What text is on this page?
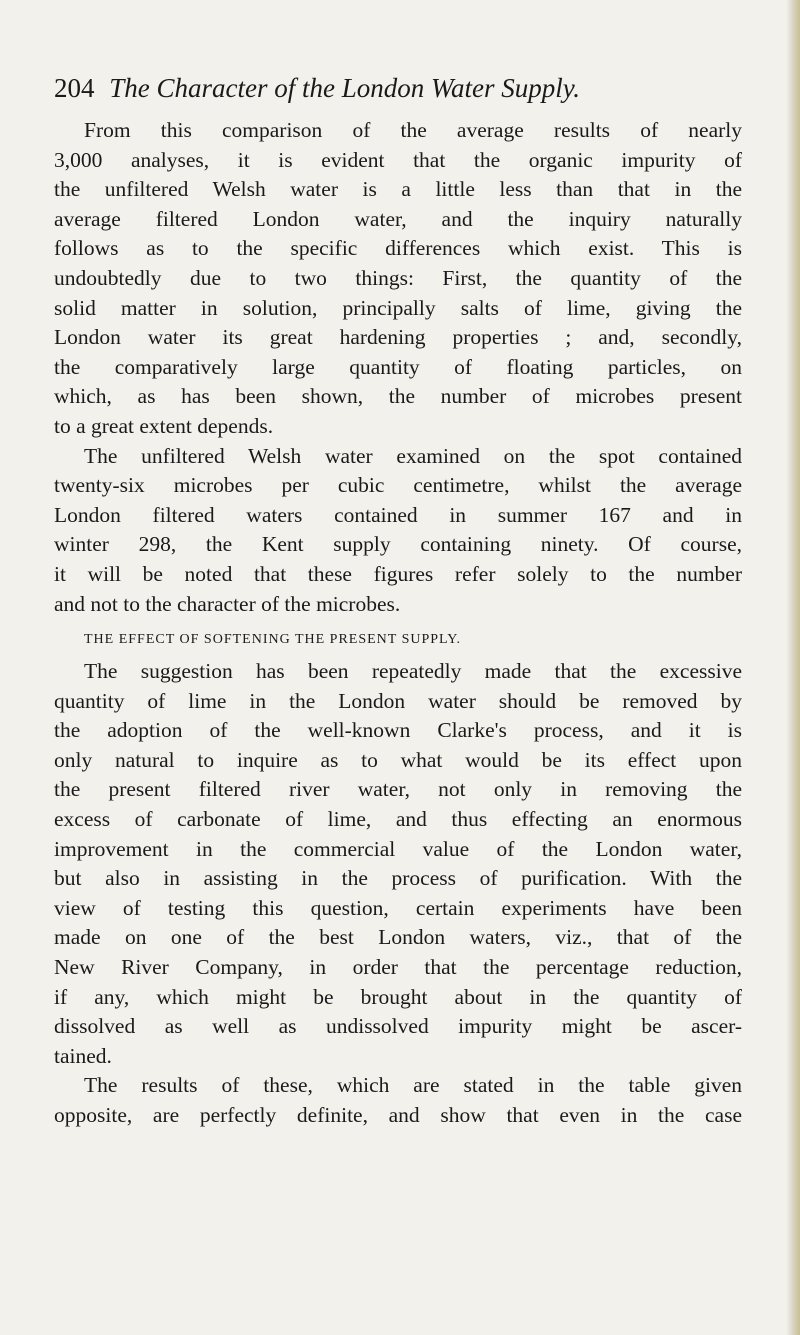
204 The Character of the London Water Supply.
From this comparison of the average results of nearly
3,000 analyses, it is evident that the organic impurity of
the unfiltered Welsh water is a little less than that in the
average filtered London water, and the inquiry naturally
follows as to the specific differences which exist. This is
undoubtedly due to two things: First, the quantity of the
solid matter in solution, principally salts of lime, giving the
London water its great hardening properties ; and, secondly,
the comparatively large quantity of floating particles, on
which, as has been shown, the number of microbes present
to a great extent depends.
The unfiltered Welsh water examined on the spot contained
twenty-six microbes per cubic centimetre, whilst the average
London filtered waters contained in summer 167 and in
winter 298, the Kent supply containing ninety. Of course,
it will be noted that these figures refer solely to the number
and not to the character of the microbes.
THE EFFECT OF SOFTENING THE PRESENT SUPPLY.
The suggestion has been repeatedly made that the excessive
quantity of lime in the London water should be removed by
the adoption of the well-known Clarke's process, and it is
only natural to inquire as to what would be its effect upon
the present filtered river water, not only in removing the
excess of carbonate of lime, and thus effecting an enormous
improvement in the commercial value of the London water,
but also in assisting in the process of purification. With the
view of testing this question, certain experiments have been
made on one of the best London waters, viz., that of the
New River Company, in order that the percentage reduction,
if any, which might be brought about in the quantity of
dissolved as well as undissolved impurity might be ascer-
tained.
The results of these, which are stated in the table given
opposite, are perfectly definite, and show that even in the case
